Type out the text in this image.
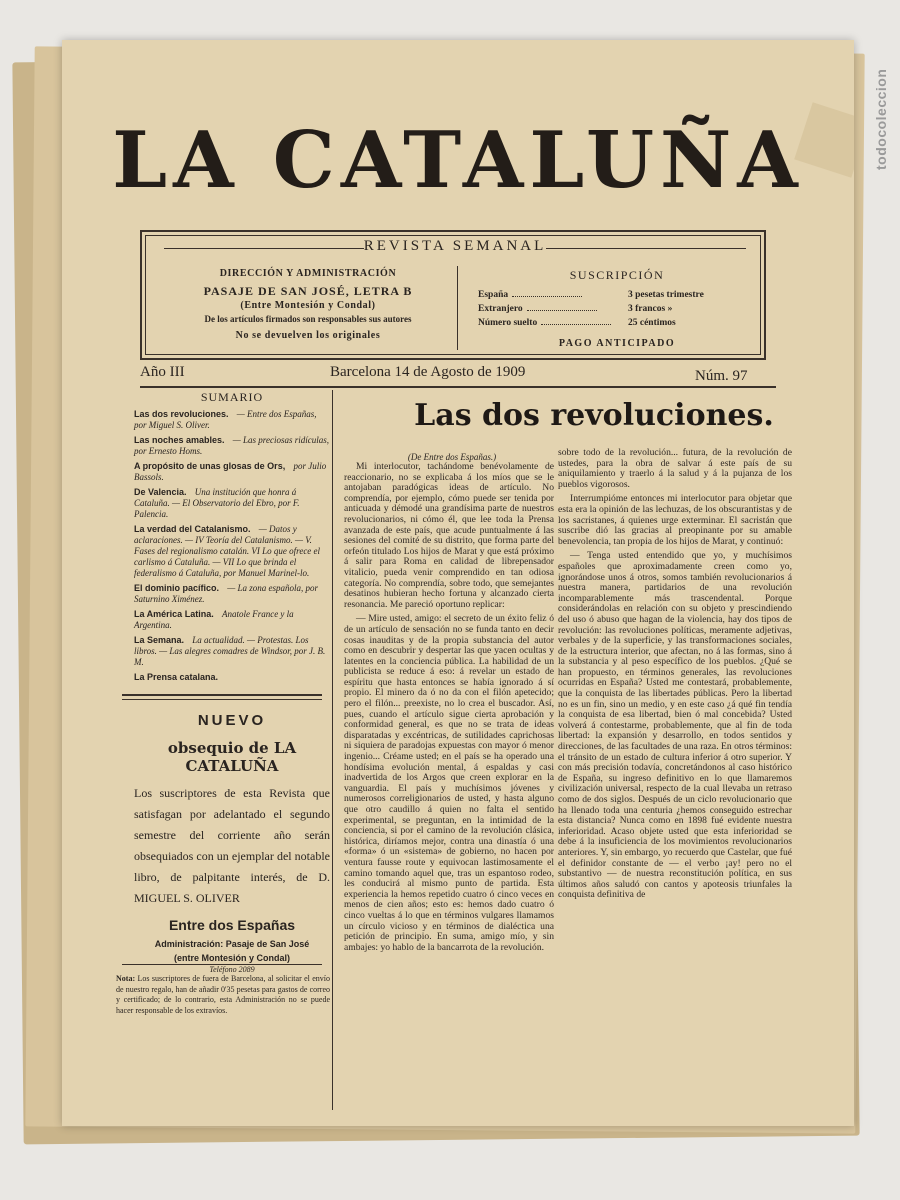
LA CATALUÑA
REVISTA SEMANAL
DIRECCIÓN Y ADMINISTRACIÓN
PASAJE DE SAN JOSÉ, LETRA B
(Entre Montesión y Condal)
De los artículos firmados son responsables sus autores
No se devuelven los originales
SUSCRIPCIÓN
España	3 pesetas trimestre
Extranjero	3 francos »
Número suelto	25 céntimos
PAGO ANTICIPADO
Año III	Barcelona 14 de Agosto de 1909	Núm. 97
SUMARIO
Las dos revoluciones. — Entre dos Españas, por Miguel S. Oliver.
Las noches amables. — Las preciosas ridículas, por Ernesto Homs.
A propósito de unas glosas de Ors, por Julio Bassols.
De Valencia. Una institución que honra á Cataluña. — El Observatorio del Ebro, por F. Palencia.
La verdad del Catalanismo. — Datos y aclaraciones. — IV Teoría del Catalanismo. — V. Fases del regionalismo catalán. VI Lo que ofrece el carlismo á Cataluña. — VII Lo que brinda el federalismo á Cataluña, por Manuel Marinel-lo.
El dominio pacífico. — La zona española, por Saturnino Ximénez.
La América Latina. Anatole France y la Argentina.
La Semana. La actualidad. — Protestas. Los libros. — Las alegres comadres de Windsor, por J. B. M.
La Prensa catalana.
NUEVO
obsequio de LA CATALUÑA
Los suscriptores de esta Revista que satisfagan por adelantado el segundo semestre del corriente año serán obsequiados con un ejemplar del notable libro, de palpitante interés, de D. MIGUEL S. OLIVER
Entre dos Españas
Administración: Pasaje de San José
(entre Montesión y Condal)
Teléfono 2089
Nota: Los suscriptores de fuera de Barcelona, al solicitar el envío de nuestro regalo, han de añadir 0'35 pesetas para gastos de correo y certificado; de lo contrario, esta Administración no se puede hacer responsable de los extravíos.
Las dos revoluciones.
(De Entre dos Españas.)

Mi interlocutor, tachándome benévolamente de reaccionario, no se explicaba á los míos que se le antojaban paradógicas ideas de artículo. No comprendía, por ejemplo, cómo puede ser tenida por anticuada y démodé una grandísima parte de nuestros revolucionarios, ni cómo él, que lee toda la Prensa avanzada de este país, que acude puntualmente á las sesiones del comité de su distrito, que forma parte del orfeón titulado Los hijos de Marat y que está próximo á salir para Roma en calidad de librepensador vitalicio, pueda venir comprendido en tan odiosa categoría. No comprendía, sobre todo, que semejantes desatinos hubieran hecho fortuna y alcanzado cierta resonancia. Me pareció oportuno replicar:

— Mire usted, amigo: el secreto de un éxito feliz ó de un artículo de sensación no se funda tanto en decir cosas inauditas y de la propia substancia del autor como en descubrir y despertar las que yacen ocultas y latentes en la conciencia pública. La habilidad de un publicista se reduce á eso: á revelar un estado de espíritu que hasta entonces se había ignorado á sí propio. El minero da ó no da con el filón apetecido; pero el filón... preexiste, no lo crea el buscador. Así, pues, cuando el artículo sigue cierta aprobación y conformidad general, es que no se trata de ideas disparatadas y excéntricas, de sutilidades caprichosas ni siquiera de paradojas expuestas con mayor ó menor ingenio... Créame usted; en el país se ha operado una hondísima evolución mental, á espaldas y casi inadvertida de los Argos que creen explorar en la vanguardia. El país y muchísimos jóvenes y numerosos correligionarios de usted, y hasta alguno que otro caudillo á quien no falta el sentido experimental, se preguntan, en la intimidad de la conciencia, si por el camino de la revolución clásica, histórica, diríamos mejor, contra una dinastía ó una «forma» ó un «sistema» de gobierno, no hacen por ventura fausse route y equivocan lastimosamente el camino tomando aquel que, tras un espantoso rodeo, les conducirá al mismo punto de partida. Esta experiencia la hemos repetido cuatro ó cinco veces en menos de cien años; esto es: hemos dado cuatro ó cinco vueltas á lo que en términos vulgares llamamos un círculo vicioso y en términos de dialéctica una petición de principio. En suma, amigo mío, y sin ambajes: yo hablo de la bancarrota de la revolución.

sobre todo de la revolución... futura, de la revolución de ustedes, para la obra de salvar á este país de su aniquilamiento y traerlo á la salud y á la pujanza de los pueblos vigorosos.

Interrumpióme entonces mi interlocutor para objetar que esta era la opinión de las lechuzas, de los obscurantistas y de los sacristanes, á quienes urge exterminar. El sacristán que suscribe dió las gracias al preopinante por su amable benevolencia, tan propia de los hijos de Marat, y continuó:

— Tenga usted entendido que yo, y muchísimos españoles que aproximadamente creen como yo, ignorándose unos á otros, somos también revolucionarios á nuestra manera, partidarios de una revolución incomparablemente más trascendental. Porque considerándolas en relación con su objeto y prescindiendo del uso ó abuso que hagan de la violencia, hay dos tipos de revolución: las revoluciones políticas, meramente adjetivas, verbales y de la superficie, y las transformaciones sociales, de la estructura interior, que afectan, no á las formas, sino á la substancia y al peso específico de los pueblos. ¿Qué se han propuesto, en términos generales, las revoluciones ocurridas en España? Usted me contestará, probablemente, que la conquista de las libertades públicas. Pero la libertad no es un fin, sino un medio, y en este caso ¿á qué fin tendía la conquista de esa libertad, bien ó mal concebida? Usted volverá á contestarme, probablemente, que al fin de toda libertad: la expansión y desarrollo, en todos sentidos y direcciones, de las facultades de una raza. En otros términos: el tránsito de un estado de cultura inferior á otro superior. Y con más precisión todavía, concretándonos al caso histórico de España, su ingreso definitivo en lo que llamaremos civilización universal, respecto de la cual llevaba un retraso como de dos siglos. Después de un ciclo revolucionario que ha llenado toda una centuria ¿hemos conseguido estrechar esta distancia? Nunca como en 1898 fué evidente nuestra inferioridad. Acaso objete usted que esta inferioridad se debe á la insuficiencia de los movimientos revolucionarios anteriores. Y, sin embargo, yo recuerdo que Castelar, que fué el definidor constante de — el verbo ¡ay! pero no el substantivo — de nuestra reconstitución política, en sus últimos años saludó con cantos y apoteosis triunfales la conquista definitiva de

todocoleccion
